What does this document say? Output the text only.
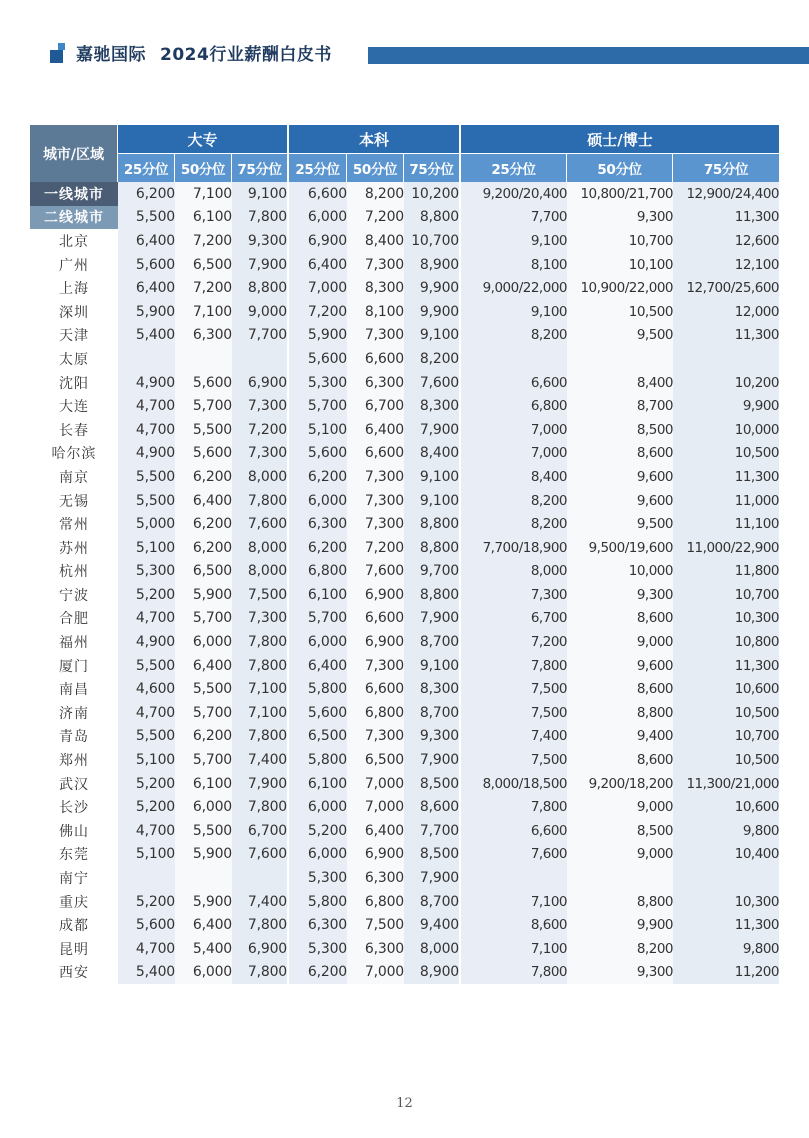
嘉驰国际 2024行业薪酬白皮书
城市/区域	大专			本科			硕士/博士		
	25分位	50分位	75分位	25分位	50分位	75分位	25分位	50分位	75分位
一线城市	6,200	7,100	9,100	6,600	8,200	10,200	9,200/20,400	10,800/21,700	12,900/24,400
二线城市	5,500	6,100	7,800	6,000	7,200	8,800	7,700	9,300	11,300
北京	6,400	7,200	9,300	6,900	8,400	10,700	9,100	10,700	12,600
广州	5,600	6,500	7,900	6,400	7,300	8,900	8,100	10,100	12,100
上海	6,400	7,200	8,800	7,000	8,300	9,900	9,000/22,000	10,900/22,000	12,700/25,600
深圳	5,900	7,100	9,000	7,200	8,100	9,900	9,100	10,500	12,000
天津	5,400	6,300	7,700	5,900	7,300	9,100	8,200	9,500	11,300
太原				5,600	6,600	8,200			
沈阳	4,900	5,600	6,900	5,300	6,300	7,600	6,600	8,400	10,200
大连	4,700	5,700	7,300	5,700	6,700	8,300	6,800	8,700	9,900
长春	4,700	5,500	7,200	5,100	6,400	7,900	7,000	8,500	10,000
哈尔滨	4,900	5,600	7,300	5,600	6,600	8,400	7,000	8,600	10,500
南京	5,500	6,200	8,000	6,200	7,300	9,100	8,400	9,600	11,300
无锡	5,500	6,400	7,800	6,000	7,300	9,100	8,200	9,600	11,000
常州	5,000	6,200	7,600	6,300	7,300	8,800	8,200	9,500	11,100
苏州	5,100	6,200	8,000	6,200	7,200	8,800	7,700/18,900	9,500/19,600	11,000/22,900
杭州	5,300	6,500	8,000	6,800	7,600	9,700	8,000	10,000	11,800
宁波	5,200	5,900	7,500	6,100	6,900	8,800	7,300	9,300	10,700
合肥	4,700	5,700	7,300	5,700	6,600	7,900	6,700	8,600	10,300
福州	4,900	6,000	7,800	6,000	6,900	8,700	7,200	9,000	10,800
厦门	5,500	6,400	7,800	6,400	7,300	9,100	7,800	9,600	11,300
南昌	4,600	5,500	7,100	5,800	6,600	8,300	7,500	8,600	10,600
济南	4,700	5,700	7,100	5,600	6,800	8,700	7,500	8,800	10,500
青岛	5,500	6,200	7,800	6,500	7,300	9,300	7,400	9,400	10,700
郑州	5,100	5,700	7,400	5,800	6,500	7,900	7,500	8,600	10,500
武汉	5,200	6,100	7,900	6,100	7,000	8,500	8,000/18,500	9,200/18,200	11,300/21,000
长沙	5,200	6,000	7,800	6,000	7,000	8,600	7,800	9,000	10,600
佛山	4,700	5,500	6,700	5,200	6,400	7,700	6,600	8,500	9,800
东莞	5,100	5,900	7,600	6,000	6,900	8,500	7,600	9,000	10,400
南宁				5,300	6,300	7,900			
重庆	5,200	5,900	7,400	5,800	6,800	8,700	7,100	8,800	10,300
成都	5,600	6,400	7,800	6,300	7,500	9,400	8,600	9,900	11,300
昆明	4,700	5,400	6,900	5,300	6,300	8,000	7,100	8,200	9,800
西安	5,400	6,000	7,800	6,200	7,000	8,900	7,800	9,300	11,200
12
